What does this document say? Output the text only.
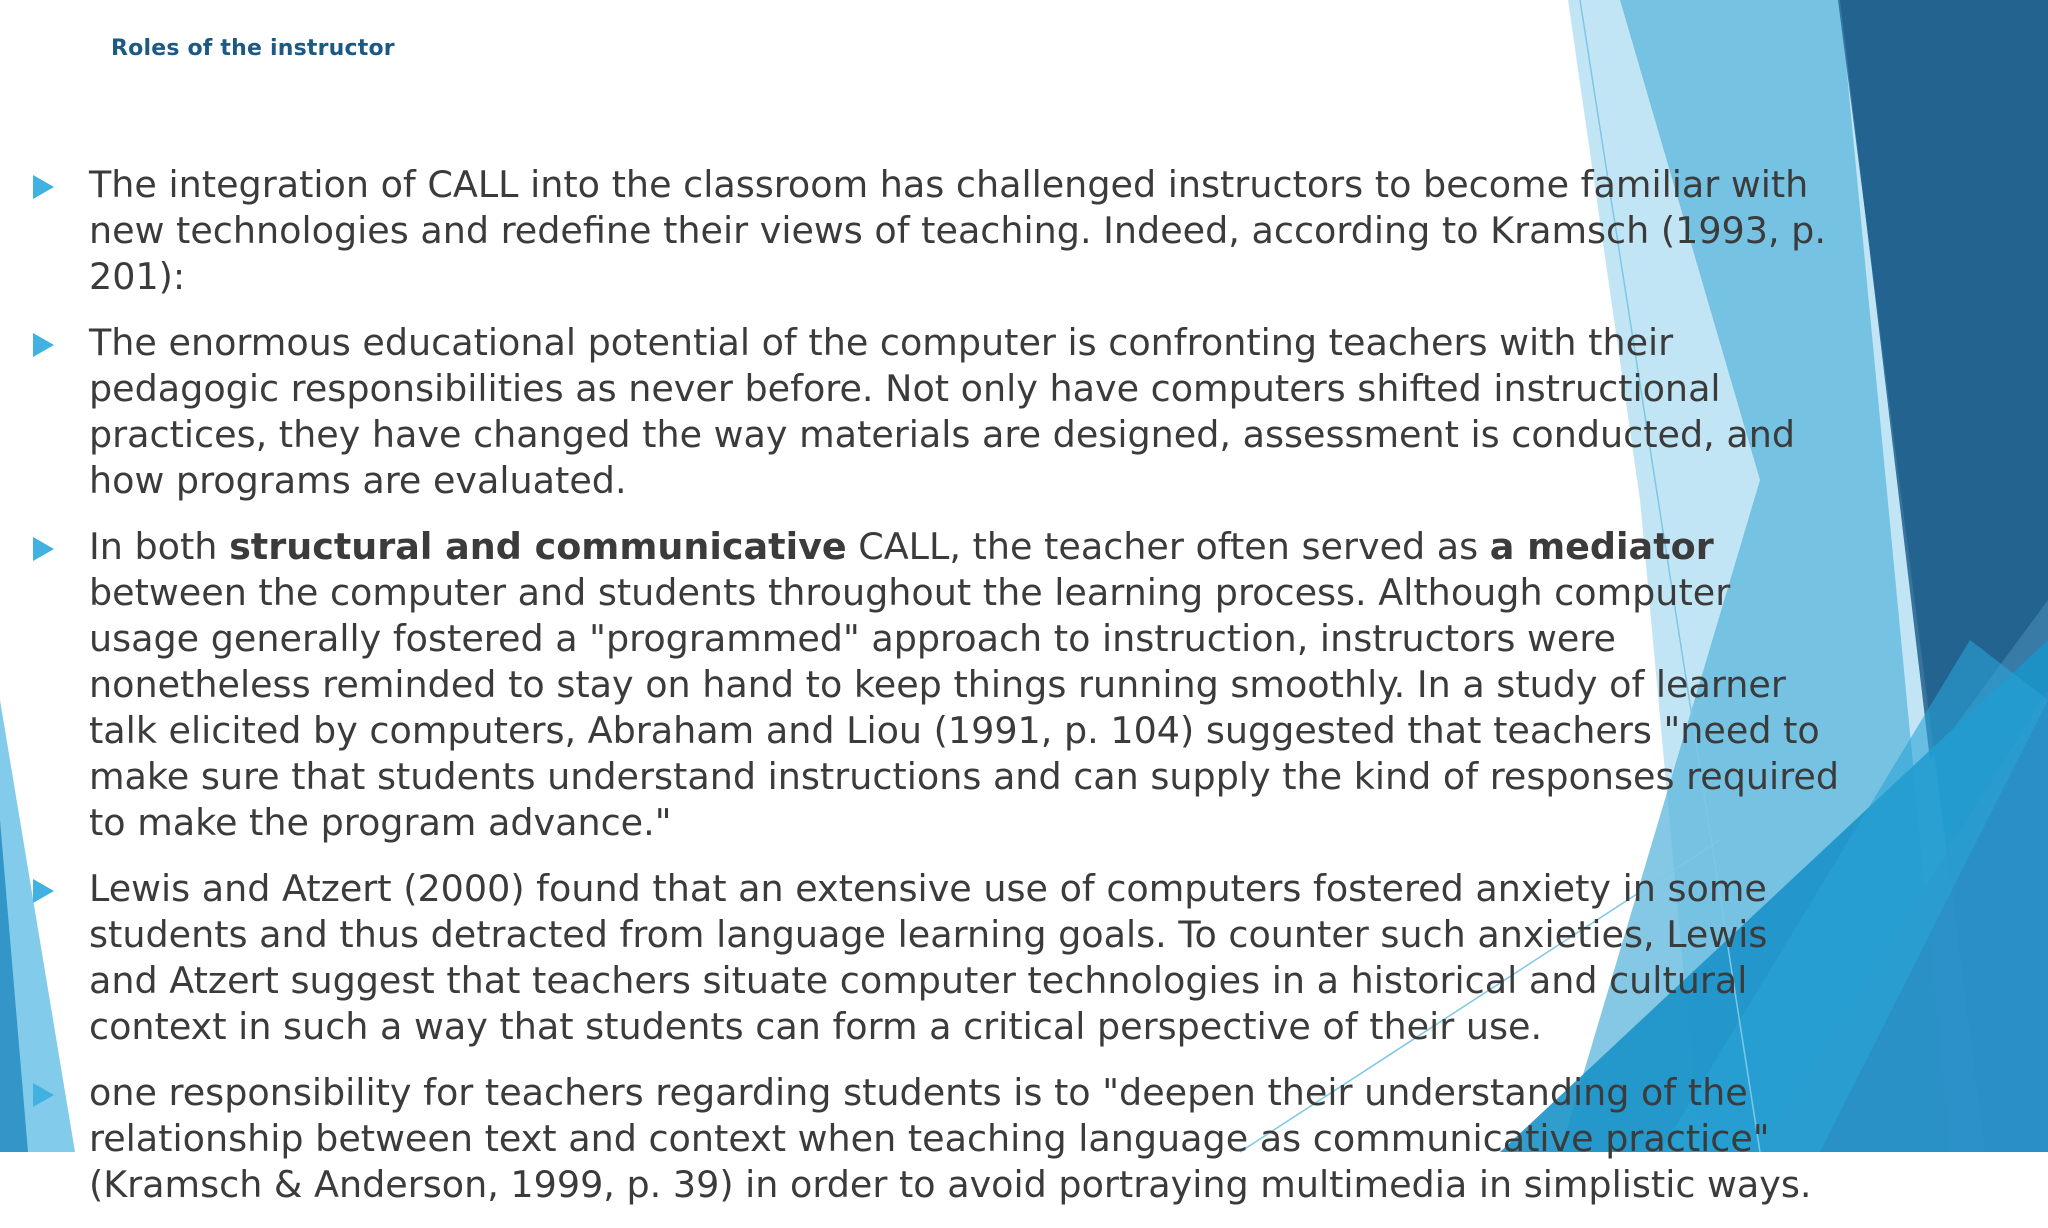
Roles of the instructor
The integration of CALL into the classroom has challenged instructors to become familiar with new technologies and redefine their views of teaching. Indeed, according to Kramsch (1993, p. 201):
The enormous educational potential of the computer is confronting teachers with their pedagogic responsibilities as never before. Not only have computers shifted instructional practices, they have changed the way materials are designed, assessment is conducted, and how programs are evaluated.
In both structural and communicative CALL, the teacher often served as a mediator between the computer and students throughout the learning process. Although computer usage generally fostered a "programmed" approach to instruction, instructors were nonetheless reminded to stay on hand to keep things running smoothly. In a study of learner talk elicited by computers, Abraham and Liou (1991, p. 104) suggested that teachers "need to make sure that students understand instructions and can supply the kind of responses required to make the program advance."
Lewis and Atzert (2000) found that an extensive use of computers fostered anxiety in some students and thus detracted from language learning goals. To counter such anxieties, Lewis and Atzert suggest that teachers situate computer technologies in a historical and cultural context in such a way that students can form a critical perspective of their use.
one responsibility for teachers regarding students is to "deepen their understanding of the relationship between text and context when teaching language as communicative practice" (Kramsch & Anderson, 1999, p. 39) in order to avoid portraying multimedia in simplistic ways.
